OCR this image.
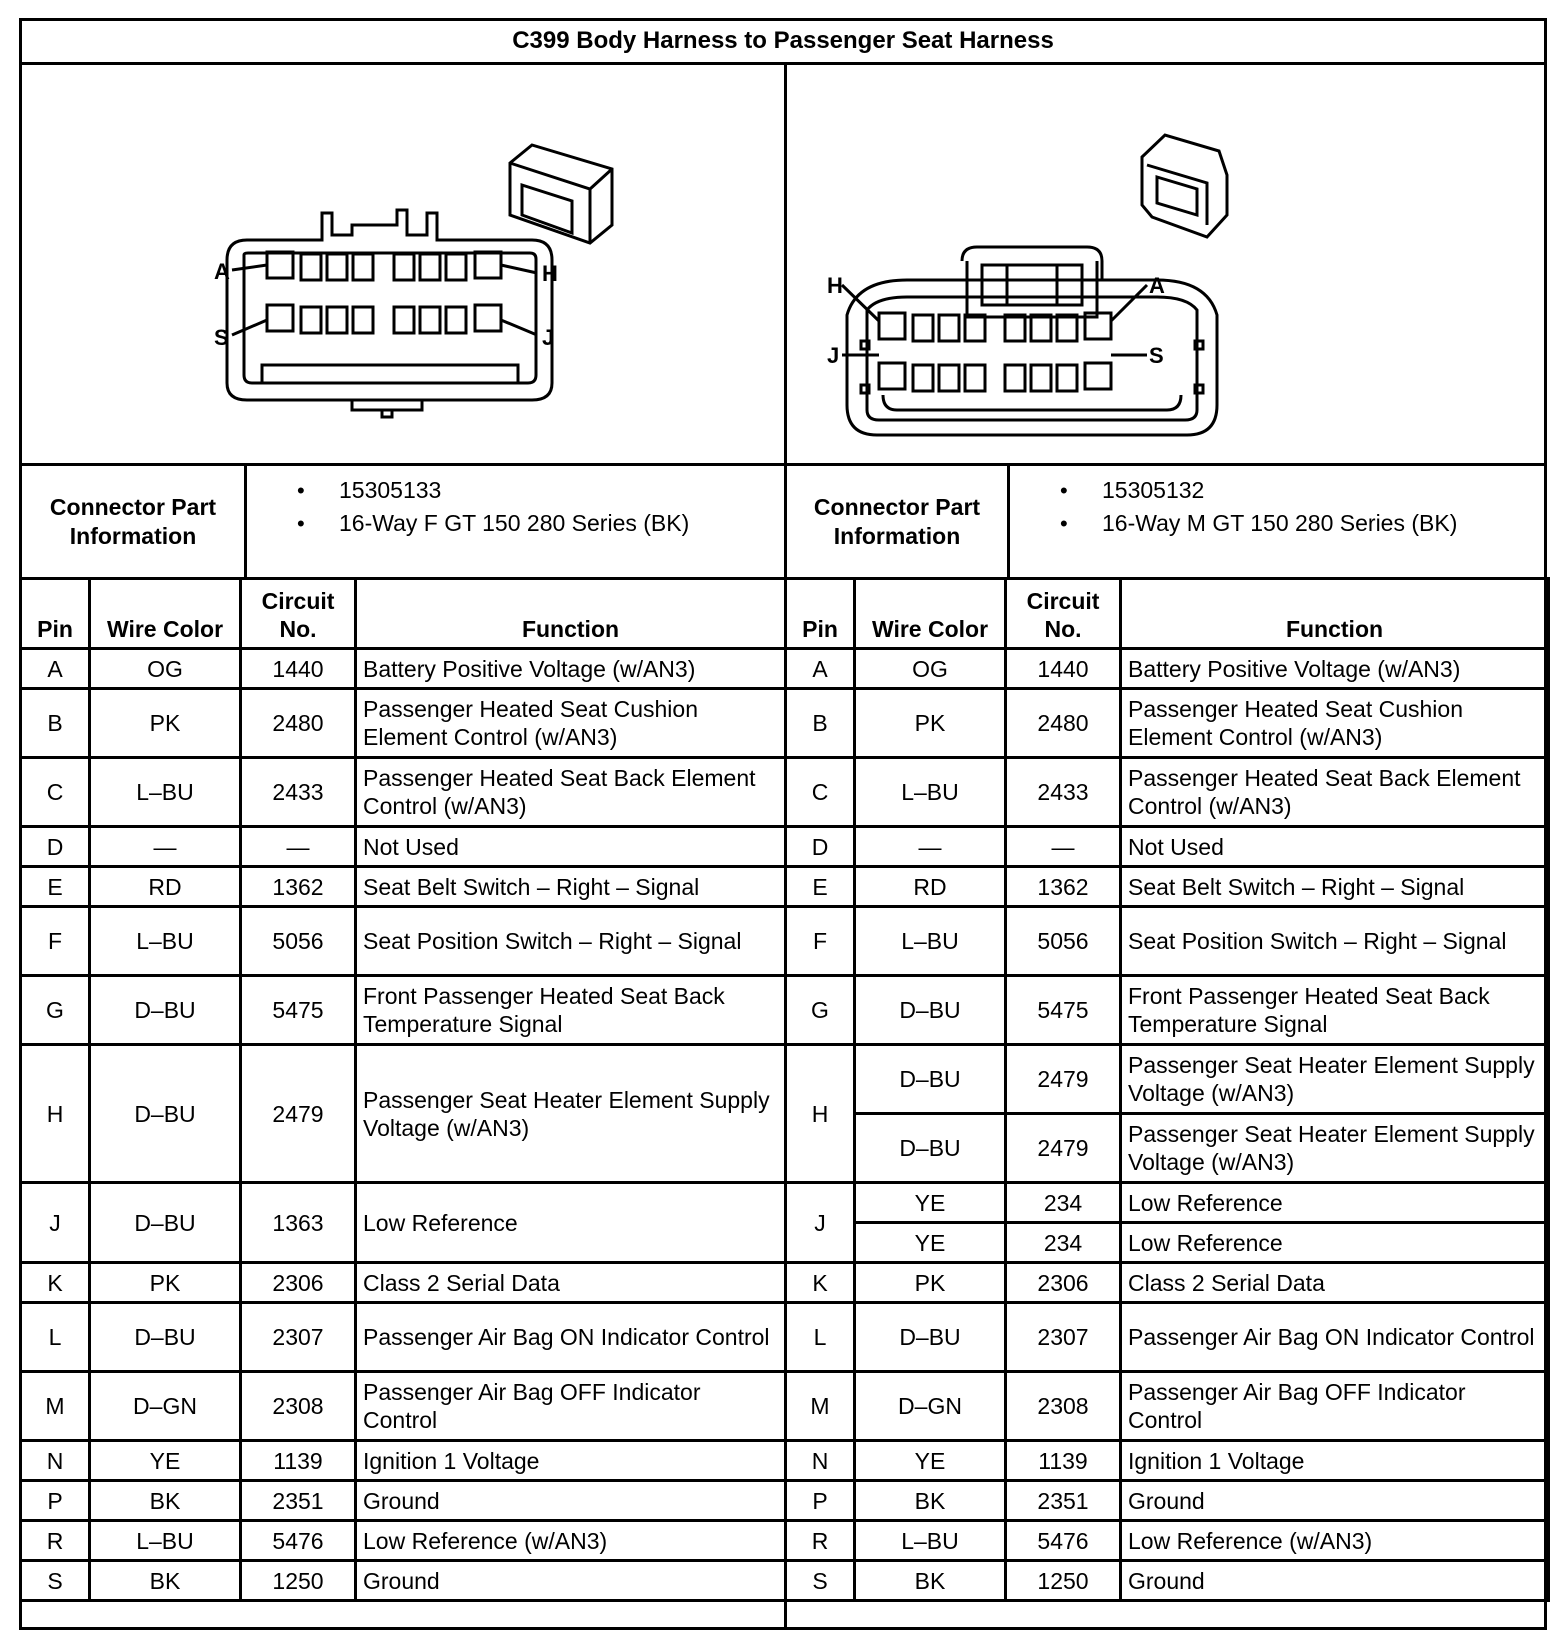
C399 Body Harness to Passenger Seat Harness
A	H
S	J
H	A
J	S
Connector Part Information
• 15305133
• 16-Way F GT 150 280 Series (BK)
Connector Part Information
• 15305132
• 16-Way M GT 150 280 Series (BK)
Pin	Wire Color	Circuit No.	Function
A	OG	1440	Battery Positive Voltage (w/AN3)
B	PK	2480	Passenger Heated Seat Cushion Element Control (w/AN3)
C	L–BU	2433	Passenger Heated Seat Back Element Control (w/AN3)
D	—	—	Not Used
E	RD	1362	Seat Belt Switch – Right – Signal
F	L–BU	5056	Seat Position Switch – Right – Signal
G	D–BU	5475	Front Passenger Heated Seat Back Temperature Signal
H	D–BU	2479	Passenger Seat Heater Element Supply Voltage (w/AN3)
J	D–BU	1363	Low Reference
K	PK	2306	Class 2 Serial Data
L	D–BU	2307	Passenger Air Bag ON Indicator Control
M	D–GN	2308	Passenger Air Bag OFF Indicator Control
N	YE	1139	Ignition 1 Voltage
P	BK	2351	Ground
R	L–BU	5476	Low Reference (w/AN3)
S	BK	1250	Ground
Pin	Wire Color	Circuit No.	Function
A	OG	1440	Battery Positive Voltage (w/AN3)
B	PK	2480	Passenger Heated Seat Cushion Element Control (w/AN3)
C	L–BU	2433	Passenger Heated Seat Back Element Control (w/AN3)
D	—	—	Not Used
E	RD	1362	Seat Belt Switch – Right – Signal
F	L–BU	5056	Seat Position Switch – Right – Signal
G	D–BU	5475	Front Passenger Heated Seat Back Temperature Signal
H	D–BU	2479	Passenger Seat Heater Element Supply Voltage (w/AN3)
	D–BU	2479	Passenger Seat Heater Element Supply Voltage (w/AN3)
J	YE	234	Low Reference
	YE	234	Low Reference
K	PK	2306	Class 2 Serial Data
L	D–BU	2307	Passenger Air Bag ON Indicator Control
M	D–GN	2308	Passenger Air Bag OFF Indicator Control
N	YE	1139	Ignition 1 Voltage
P	BK	2351	Ground
R	L–BU	5476	Low Reference (w/AN3)
S	BK	1250	Ground
